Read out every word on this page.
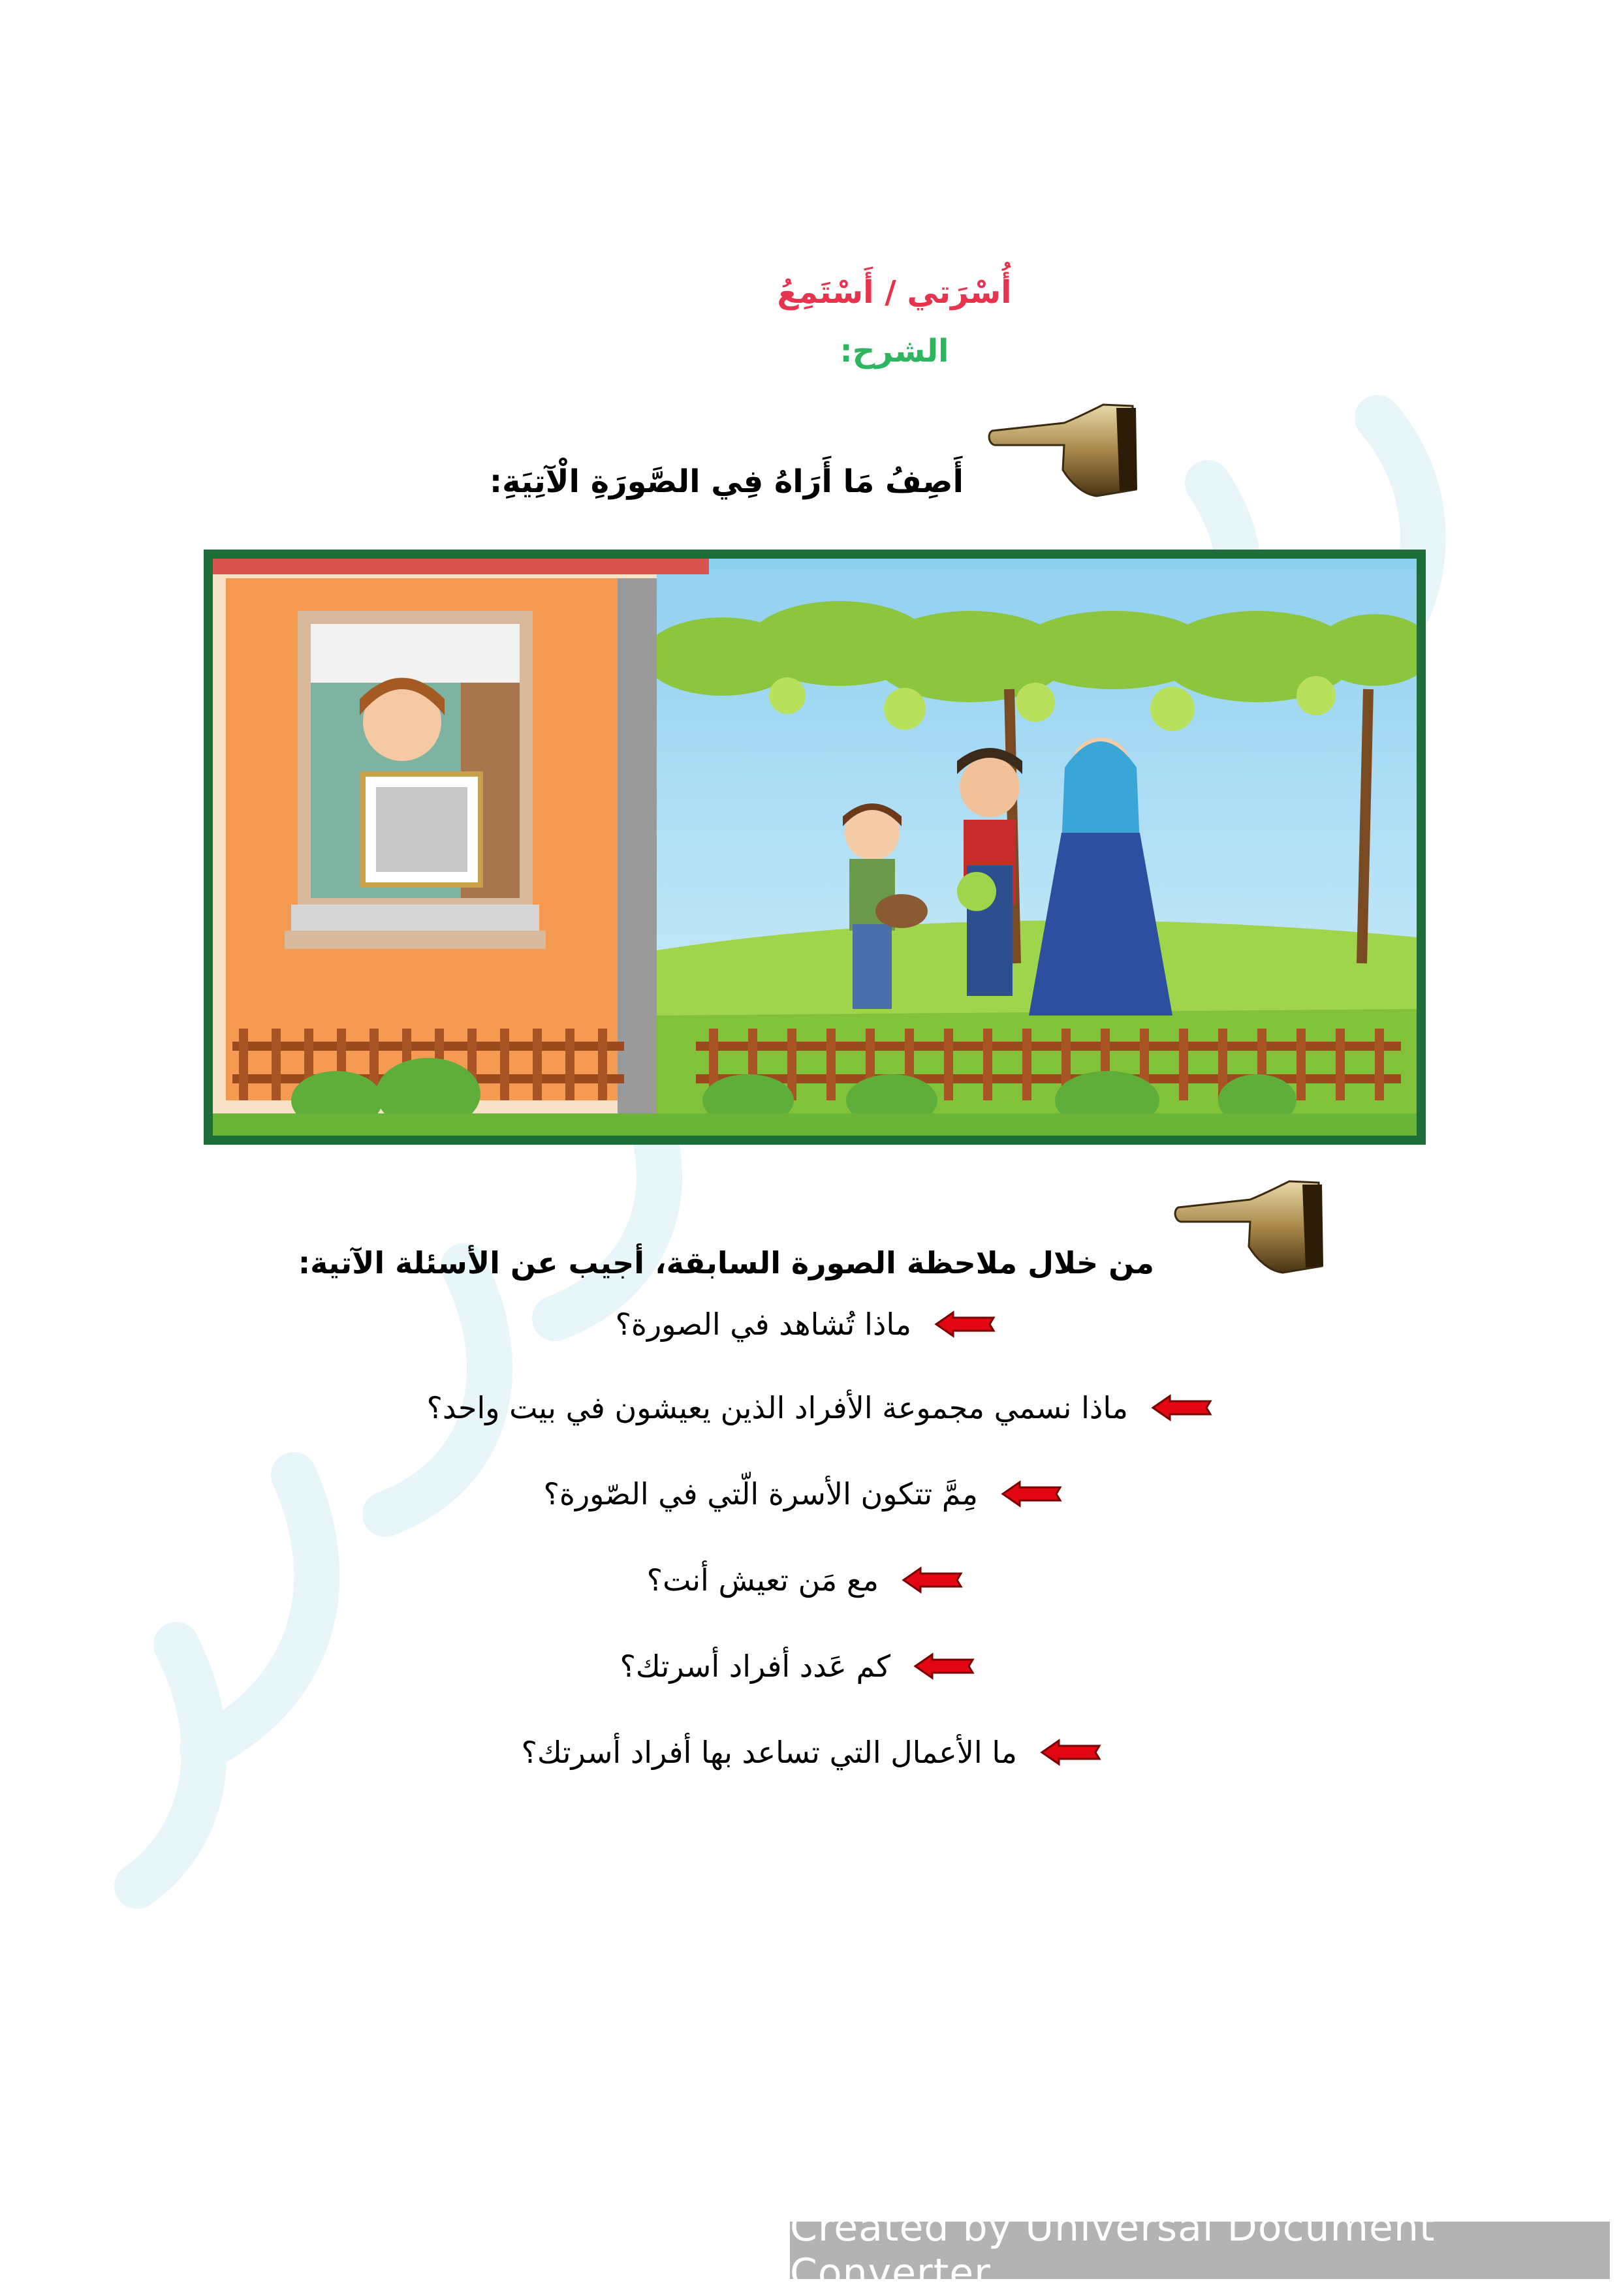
أُسْرَتي / أَسْتَمِعُ
الشرح:
أَصِفُ مَا أَرَاهُ فِي الصَّورَةِ الْآتِيَةِ:
من خلال ملاحظة الصورة السابقة، أجيب عن الأسئلة الآتية:
ماذا تُشاهد في الصورة؟
ماذا نسمي مجموعة الأفراد الذين يعيشون في بيت واحد؟
مِمَّ تتكون الأسرة الّتي في الصّورة؟
مع مَن تعيش أنت؟
كم عَدد أفراد أسرتك؟
ما الأعمال التي تساعد بها أفراد أسرتك؟
Created by Universal Document Converter
